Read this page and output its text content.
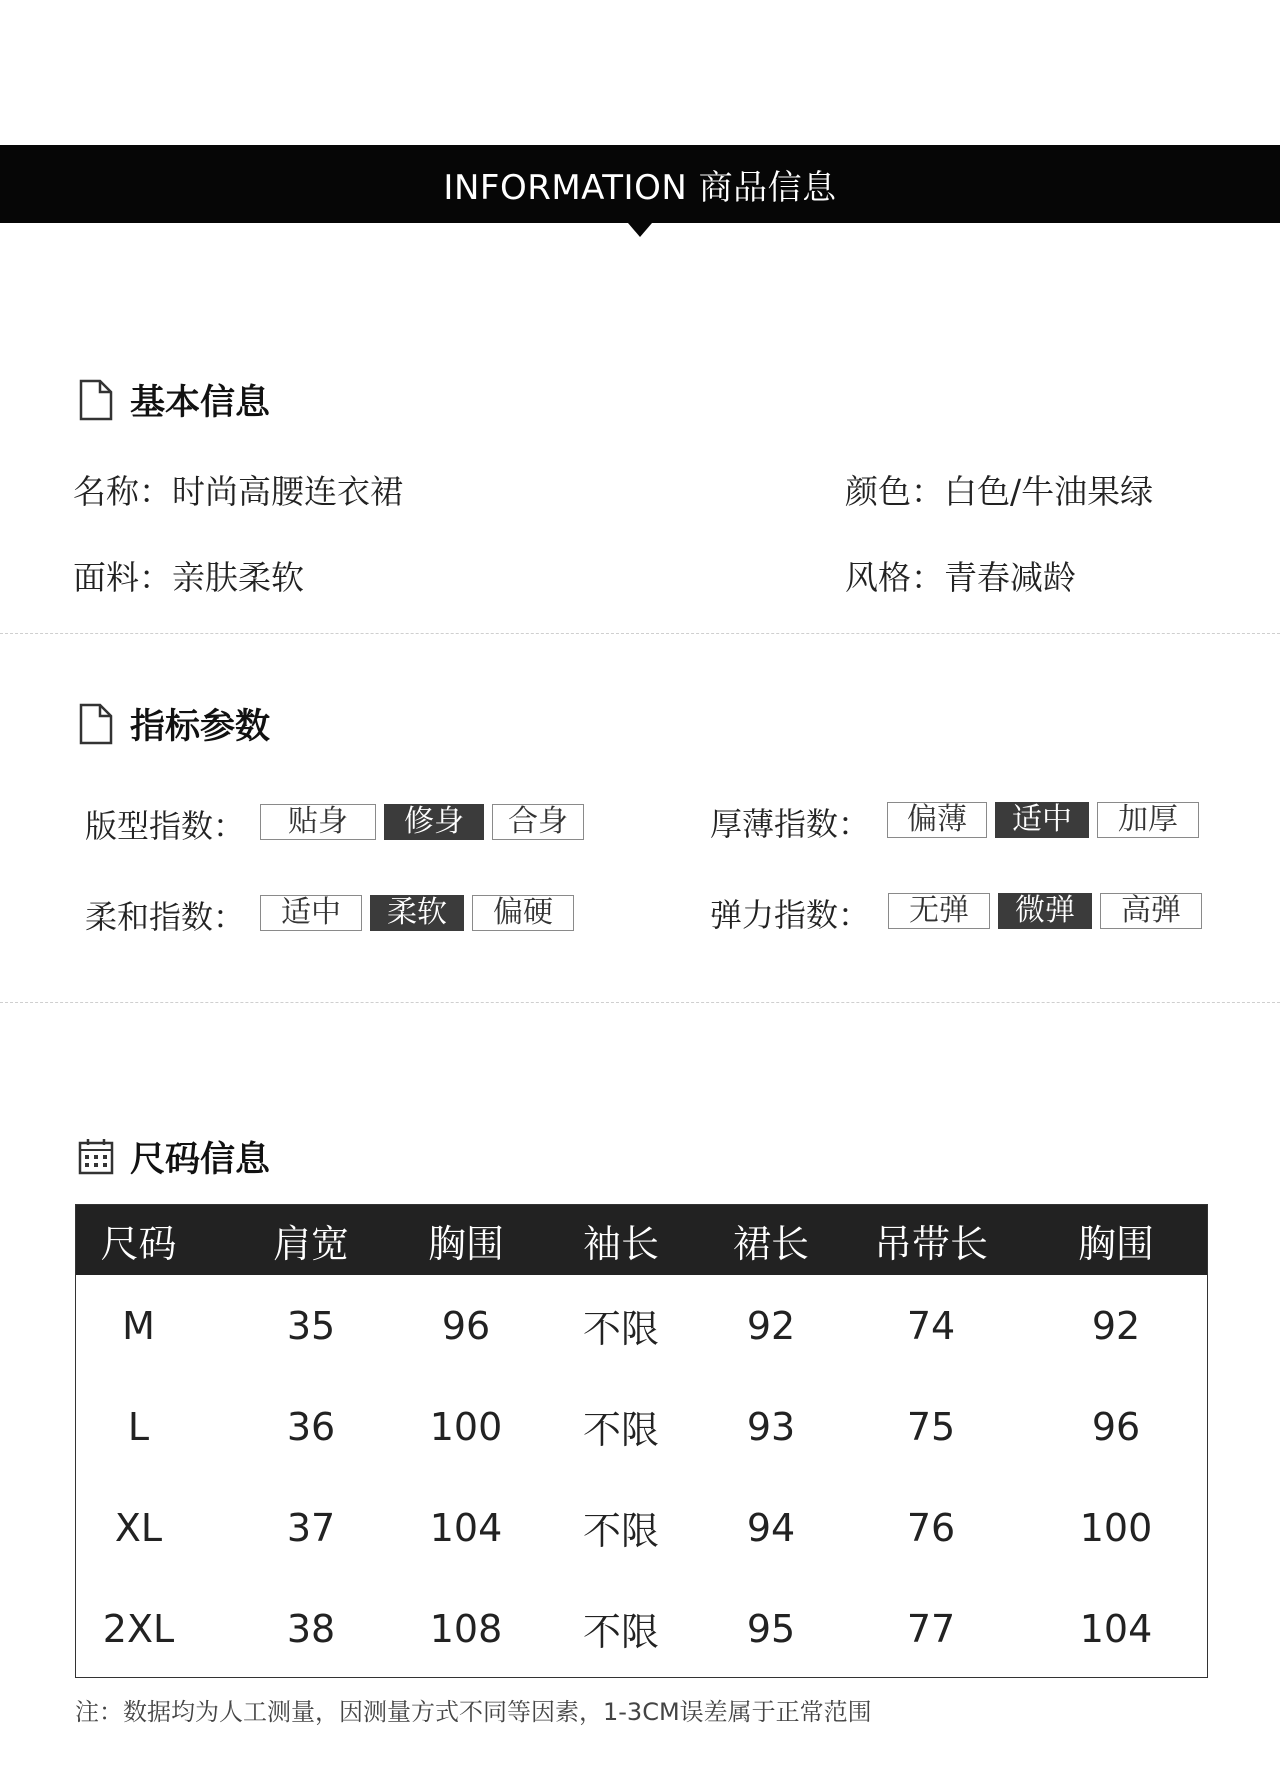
INFORMATION 商品信息
基本信息
名称：时尚高腰连衣裙	颜色：白色/牛油果绿
面料：亲肤柔软	风格：青春减龄
指标参数
版型指数：	贴身	修身	合身	厚薄指数：	偏薄	适中	加厚
柔和指数：	适中	柔软	偏硬	弹力指数：	无弹	微弹	高弹
尺码信息
尺码	肩宽	胸围	袖长	裙长	吊带长	胸围
M	35	96	不限	92	74	92
L	36	100	不限	93	75	96
XL	37	104	不限	94	76	100
2XL	38	108	不限	95	77	104
注：数据均为人工测量，因测量方式不同等因素，1-3CM误差属于正常范围
